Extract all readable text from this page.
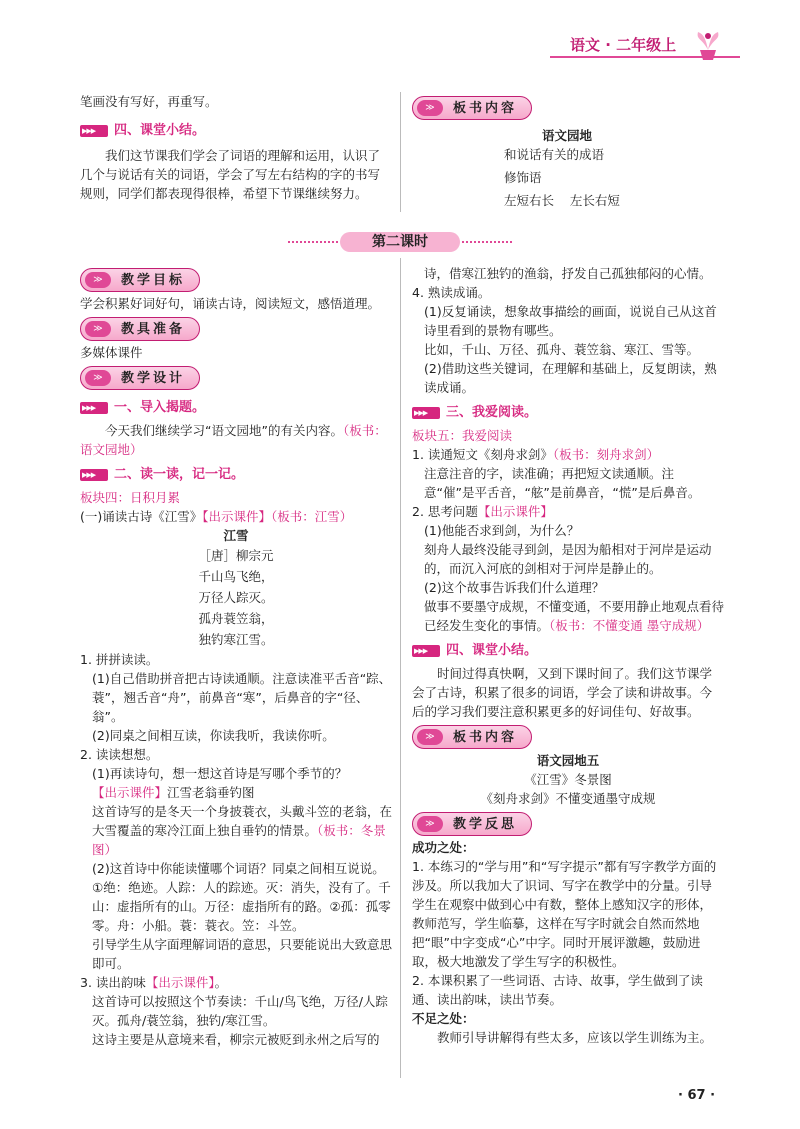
语文 · 二年级上

笔画没有写好，再重写。

▶▶▶
四、课堂小结。

我们这节课我们学会了词语的理解和运用，认识了几个与说话有关的词语，学会了写左右结构的字的书写规则，同学们都表现得很棒，希望下节课继续努力。

≫	板书内容

语文园地

和说话有关的成语

修饰语

左短右长    左长右短

第二课时
≫	教学目标

学会积累好词好句，诵读古诗，阅读短文，感悟道理。

≫	教具准备

多媒体课件

≫	教学设计
▶▶▶
一、导入揭题。

今天我们继续学习“语文园地”的有关内容。（板书：语文园地）

▶▶▶
二、读一读，记一记。

板块四：日积月累

(一)诵读古诗《江雪》【出示课件】（板书：江雪）

江雪

［唐］柳宗元

千山鸟飞绝，

万径人踪灭。

孤舟蓑笠翁，

独钓寒江雪。

1. 拼拼读读。

(1)自己借助拼音把古诗读通顺。注意读准平舌音“踪、蓑”，翘舌音“舟”，前鼻音“寒”，后鼻音的字“径、翁”。

(2)同桌之间相互读，你读我听，我读你听。

2. 读读想想。

(1)再读诗句，想一想这首诗是写哪个季节的？

【出示课件】江雪老翁垂钓图

这首诗写的是冬天一个身披蓑衣，头戴斗笠的老翁，在大雪覆盖的寒冷江面上独自垂钓的情景。（板书：冬景图）

(2)这首诗中你能读懂哪个词语？同桌之间相互说说。

①绝：绝迹。人踪：人的踪迹。灭：消失，没有了。千山：虚指所有的山。万径：虚指所有的路。②孤：孤零零。舟：小船。蓑：蓑衣。笠：斗笠。

引导学生从字面理解词语的意思，只要能说出大致意思即可。

3. 读出韵味【出示课件】。

这首诗可以按照这个节奏读：千山/鸟飞绝，万径/人踪灭。孤舟/蓑笠翁，独钓/寒江雪。

这诗主要是从意境来看，柳宗元被贬到永州之后写的

诗，借寒江独钓的渔翁，抒发自己孤独郁闷的心情。

4. 熟读成诵。

(1)反复诵读，想象故事描绘的画面，说说自己从这首诗里看到的景物有哪些。

比如，千山、万径、孤舟、蓑笠翁、寒江、雪等。

(2)借助这些关键词，在理解和基础上，反复朗读，熟读成诵。

▶▶▶
三、我爱阅读。

板块五：我爱阅读

1. 读通短文《刻舟求剑》（板书：刻舟求剑）

注意注音的字，读准确；再把短文读通顺。注意“催”是平舌音，“舷”是前鼻音，“慌”是后鼻音。

2. 思考问题【出示课件】

(1)他能否求到剑，为什么？

刻舟人最终没能寻到剑，是因为船相对于河岸是运动的，而沉入河底的剑相对于河岸是静止的。

(2)这个故事告诉我们什么道理？

做事不要墨守成规，不懂变通，不要用静止地观点看待已经发生变化的事情。（板书：不懂变通 墨守成规）

▶▶▶
四、课堂小结。

时间过得真快啊，又到下课时间了。我们这节课学会了古诗，积累了很多的词语，学会了读和讲故事。今后的学习我们要注意积累更多的好词佳句、好故事。

≫	板书内容

语文园地五

《江雪》冬景图

《刻舟求剑》不懂变通墨守成规

≫	教学反思

成功之处：

1. 本练习的“学与用”和“写字提示”都有写字教学方面的涉及。所以我加大了识词、写字在教学中的分量。引导学生在观察中做到心中有数，整体上感知汉字的形体，教师范写，学生临摹，这样在写字时就会自然而然地把“眼”中字变成“心”中字。同时开展评激趣，鼓励进取，极大地激发了学生写字的积极性。

2. 本课积累了一些词语、古诗、故事，学生做到了读通、读出韵味，读出节奏。

不足之处：

教师引导讲解得有些太多，应该以学生训练为主。

· 67 ·
